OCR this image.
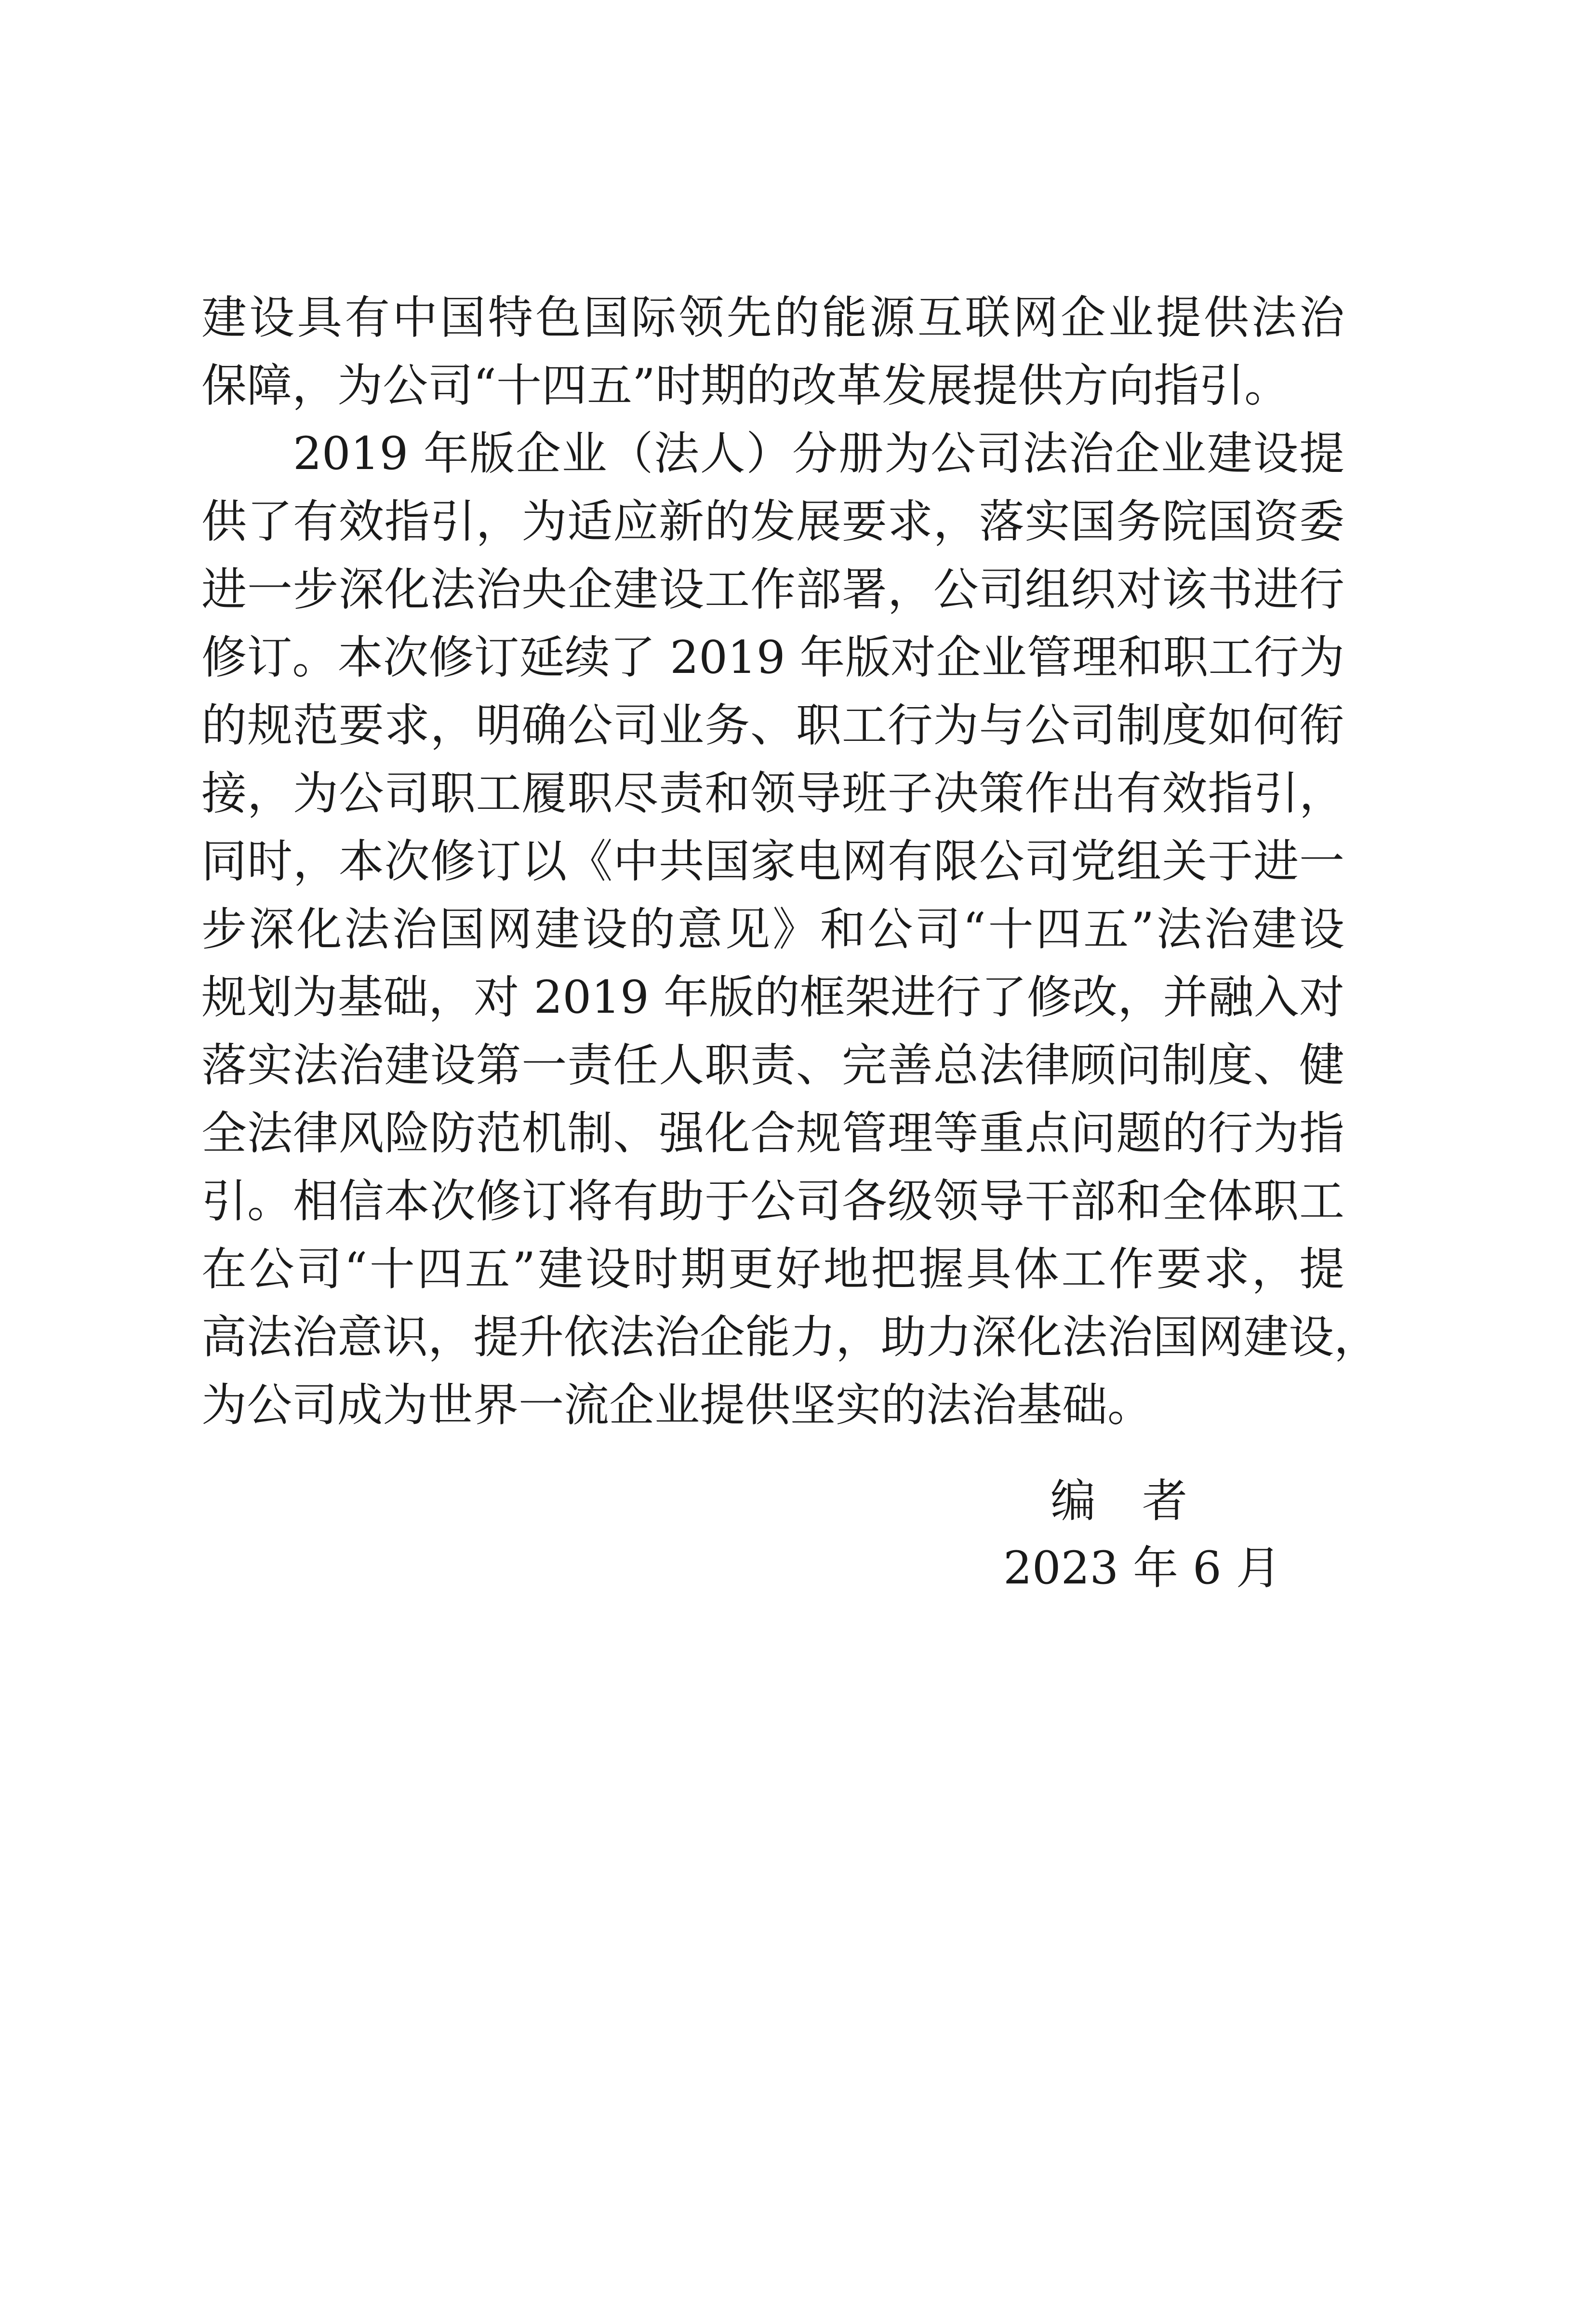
建设具有中国特色国际领先的能源互联网企业提供法治
保障，为公司“十四五”时期的改革发展提供方向指引。
2019 年版企业（法人）分册为公司法治企业建设提
供了有效指引，为适应新的发展要求，落实国务院国资委
进一步深化法治央企建设工作部署，公司组织对该书进行
修订。本次修订延续了 2019 年版对企业管理和职工行为
的规范要求，明确公司业务、职工行为与公司制度如何衔
接，为公司职工履职尽责和领导班子决策作出有效指引，
同时，本次修订以《中共国家电网有限公司党组关于进一
步深化法治国网建设的意见》和公司“十四五”法治建设
规划为基础，对 2019 年版的框架进行了修改，并融入对
落实法治建设第一责任人职责、完善总法律顾问制度、健
全法律风险防范机制、强化合规管理等重点问题的行为指
引。相信本次修订将有助于公司各级领导干部和全体职工
在公司“十四五”建设时期更好地把握具体工作要求，提
高法治意识，提升依法治企能力，助力深化法治国网建设，
为公司成为世界一流企业提供坚实的法治基础。
编者
2023 年 6 月
